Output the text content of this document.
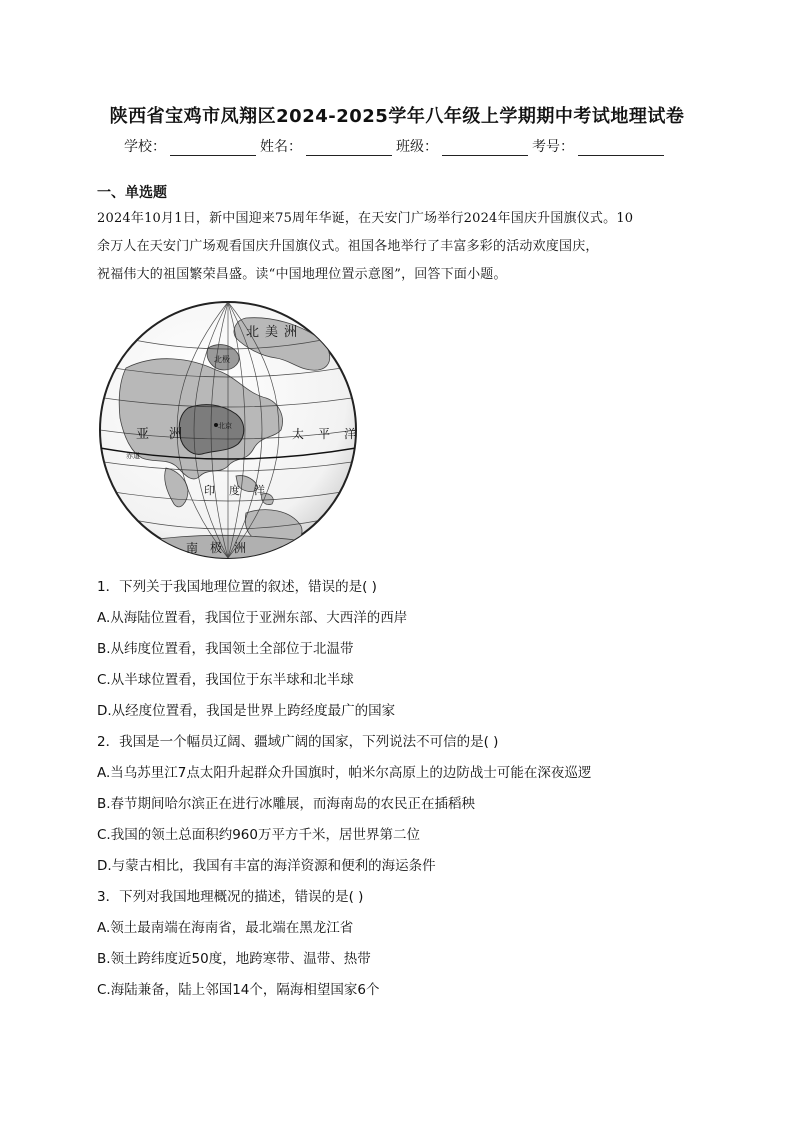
陕西省宝鸡市凤翔区2024-2025学年八年级上学期期中考试地理试卷
学校：	姓名：	班级：	考号：
一、单选题
2024年10月1日，新中国迎来75周年华诞，在天安门广场举行2024年国庆升国旗仪式。10
余万人在天安门广场观看国庆升国旗仪式。祖国各地举行了丰富多彩的活动欢度国庆，
祝福伟大的祖国繁荣昌盛。读“中国地理位置示意图”，回答下面小题。
北美洲
亚洲
北极
北京
太平洋
印度洋
南极洲
赤道
1．下列关于我国地理位置的叙述，错误的是( )
A.从海陆位置看，我国位于亚洲东部、大西洋的西岸
B.从纬度位置看，我国领土全部位于北温带
C.从半球位置看，我国位于东半球和北半球
D.从经度位置看，我国是世界上跨经度最广的国家
2．我国是一个幅员辽阔、疆域广阔的国家，下列说法不可信的是( )
A.当乌苏里江7点太阳升起群众升国旗时，帕米尔高原上的边防战士可能在深夜巡逻
B.春节期间哈尔滨正在进行冰雕展，而海南岛的农民正在插稻秧
C.我国的领土总面积约960万平方千米，居世界第二位
D.与蒙古相比，我国有丰富的海洋资源和便利的海运条件
3．下列对我国地理概况的描述，错误的是( )
A.领土最南端在海南省，最北端在黑龙江省
B.领土跨纬度近50度，地跨寒带、温带、热带
C.海陆兼备，陆上邻国14个，隔海相望国家6个
